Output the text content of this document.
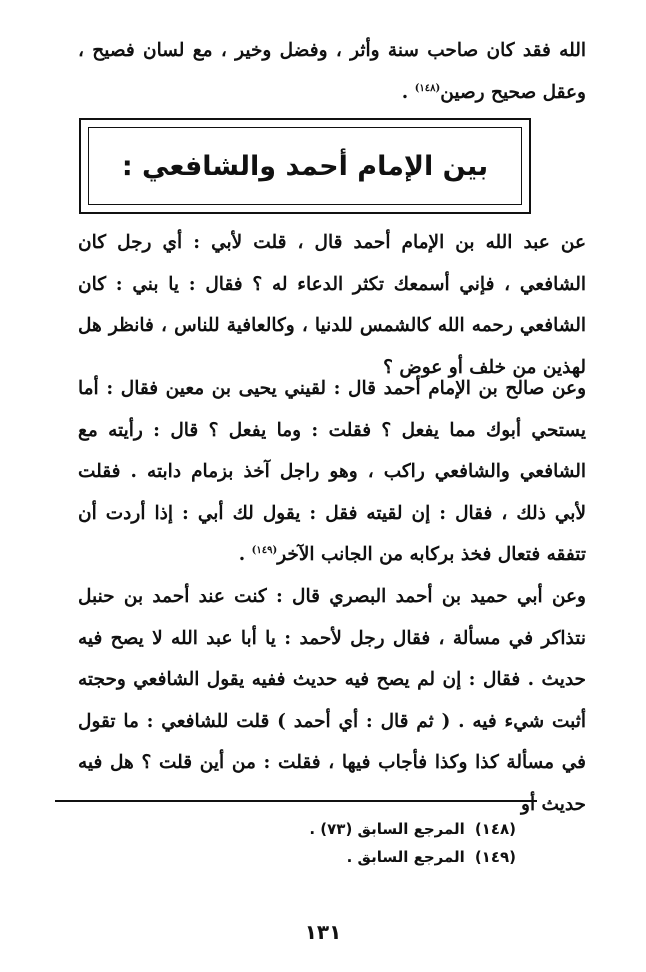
الله فقد كان صاحب سنة وأثر ، وفضل وخير ، مع لسان فصيح ، وعقل صحيح رصين$^{(١٤٨)}$ .
بين الإمام أحمد والشافعي :
عن عبد الله بن الإمام أحمد قال ، قلت لأبي : أي رجل كان الشافعي ، فإني أسمعك تكثر الدعاء له ؟ فقال : يا بني : كان الشافعي رحمه الله كالشمس للدنيا ، وكالعافية للناس ، فانظر هل لهذين من خلف أو عوض ؟
وعن صالح بن الإمام أحمد قال : لقيني يحيى بن معين فقال : أما يستحي أبوك مما يفعل ؟ فقلت : وما يفعل ؟ قال : رأيته مع الشافعي والشافعي راكب ، وهو راجل آخذ بزمام دابته . فقلت لأبي ذلك ، فقال : إن لقيته فقل : يقول لك أبي : إذا أردت أن تتفقه فتعال فخذ بركابه من الجانب الآخر$^{(١٤٩)}$ .
وعن أبي حميد بن أحمد البصري قال : كنت عند أحمد بن حنبل نتذاكر في مسألة ، فقال رجل لأحمد : يا أبا عبد الله لا يصح فيه حديث . فقال : إن لم يصح فيه حديث ففيه يقول الشافعي وحجته أثبت شيء فيه . ( ثم قال : أي أحمد ) قلت للشافعي : ما تقول في مسألة كذا وكذا فأجاب فيها ، فقلت : من أين قلت ؟ هل فيه حديث أو
(١٤٨)المرجع السابق (٧٣) .
(١٤٩)المرجع السابق .
١٣١
